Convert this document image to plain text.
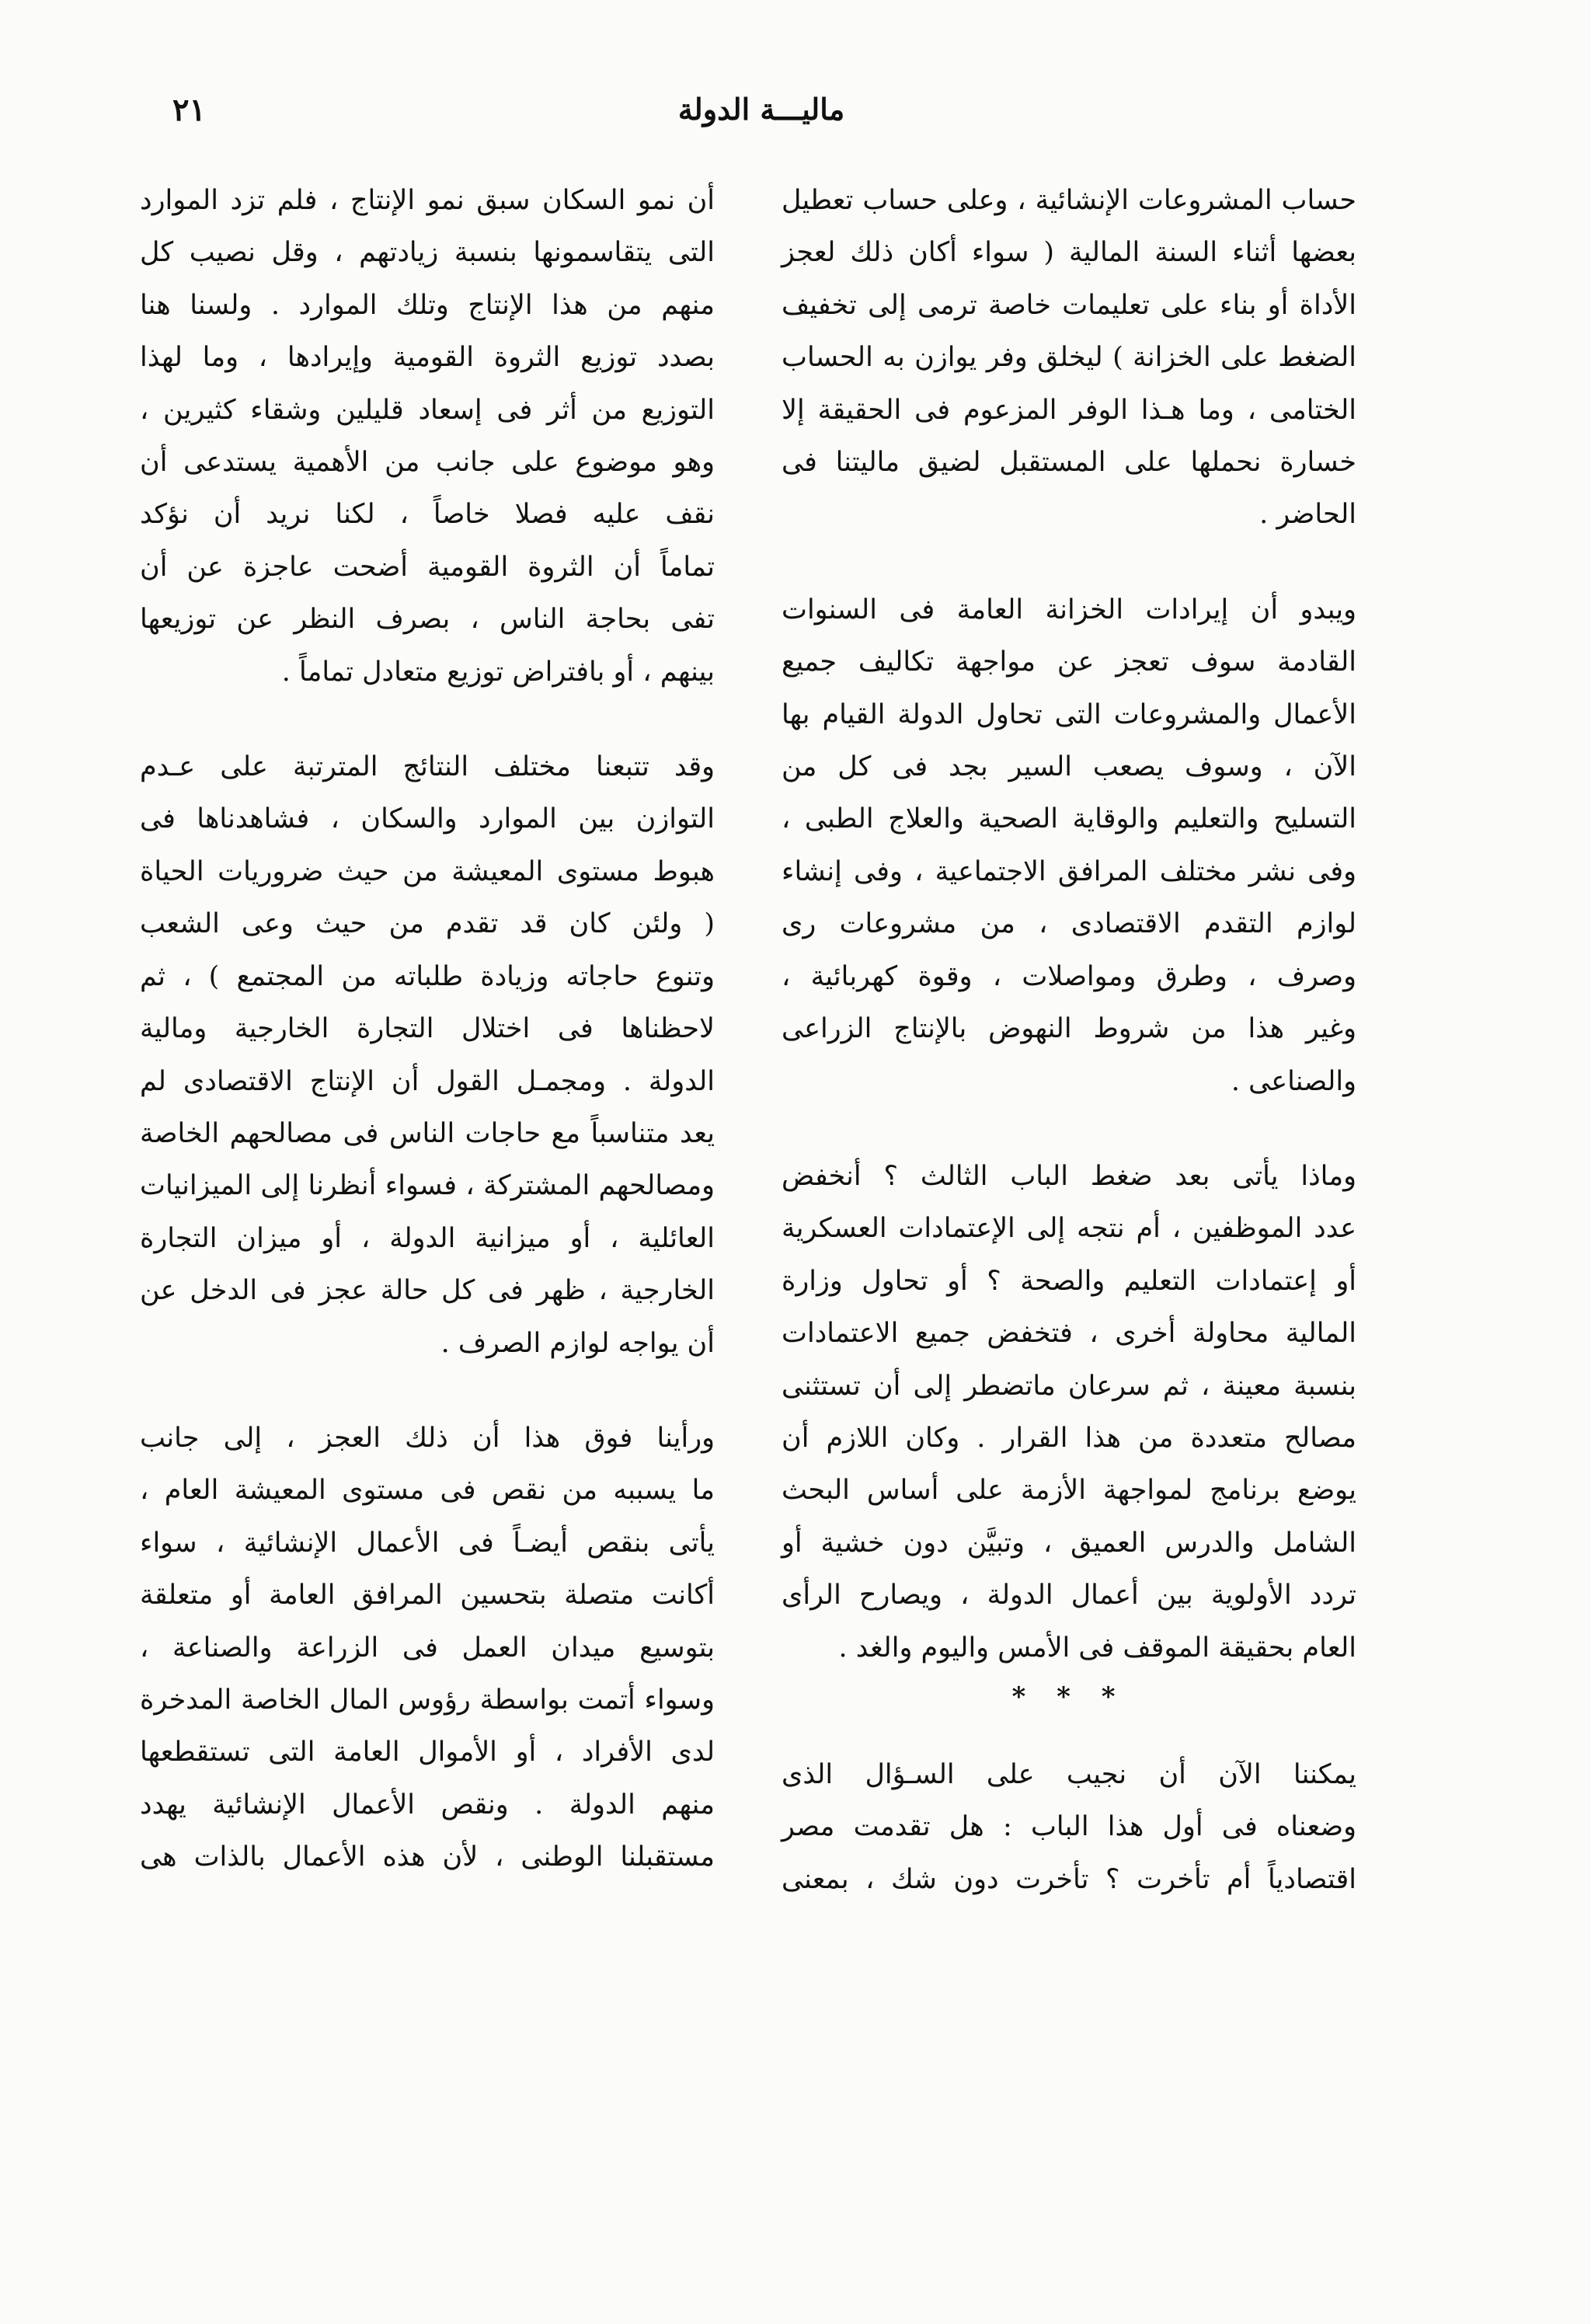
ماليـــة الدولة
٢١
حساب المشروعات الإنشائية ، وعلى حساب تعطيل
بعضها أثناء السنة المالية ( سواء أكان ذلك لعجز
الأداة أو بناء على تعليمات خاصة ترمى إلى تخفيف
الضغط على الخزانة ) ليخلق وفر يوازن به الحساب
الختامى ، وما هـذا الوفر المزعوم فى الحقيقة إلا
خسارة نحملها على المستقبل لضيق ماليتنا فى
الحاضر .
ويبدو أن إيرادات الخزانة العامة فى السنوات
القادمة سوف تعجز عن مواجهة تكاليف جميع
الأعمال والمشروعات التى تحاول الدولة القيام بها
الآن ، وسوف يصعب السير بجد فى كل من
التسليح والتعليم والوقاية الصحية والعلاج الطبى ،
وفى نشر مختلف المرافق الاجتماعية ، وفى إنشاء
لوازم التقدم الاقتصادى ، من مشروعات رى
وصرف ، وطرق ومواصلات ، وقوة كهربائية ،
وغير هذا من شروط النهوض بالإنتاج الزراعى
والصناعى .
وماذا يأتى بعد ضغط الباب الثالث ؟ أنخفض
عدد الموظفين ، أم نتجه إلى الإعتمادات العسكرية
أو إعتمادات التعليم والصحة ؟ أو تحاول وزارة
المالية محاولة أخرى ، فتخفض جميع الاعتمادات
بنسبة معينة ، ثم سرعان ماتضطر إلى أن تستثنى
مصالح متعددة من هذا القرار . وكان اللازم أن
يوضع برنامج لمواجهة الأزمة على أساس البحث
الشامل والدرس العميق ، وتبيَّن دون خشية أو
تردد الأولوية بين أعمال الدولة ، ويصارح الرأى
العام بحقيقة الموقف فى الأمس واليوم والغد .
* * *
يمكننا الآن أن نجيب على السـؤال الذى
وضعناه فى أول هذا الباب : هل تقدمت مصر
اقتصادياً أم تأخرت ؟ تأخرت دون شك ، بمعنى
أن نمو السكان سبق نمو الإنتاج ، فلم تزد الموارد
التى يتقاسمونها بنسبة زيادتهم ، وقل نصيب كل
منهم من هذا الإنتاج وتلك الموارد . ولسنا هنا
بصدد توزيع الثروة القومية وإيرادها ، وما لهذا
التوزيع من أثر فى إسعاد قليلين وشقاء كثيرين ،
وهو موضوع على جانب من الأهمية يستدعى أن
نقف عليه فصلا خاصاً ، لكنا نريد أن نؤكد
تماماً أن الثروة القومية أضحت عاجزة عن أن
تفى بحاجة الناس ، بصرف النظر عن توزيعها
بينهم ، أو بافتراض توزيع متعادل تماماً .
وقد تتبعنا مختلف النتائج المترتبة على عـدم
التوازن بين الموارد والسكان ، فشاهدناها فى
هبوط مستوى المعيشة من حيث ضروريات الحياة
( ولئن كان قد تقدم من حيث وعى الشعب
وتنوع حاجاته وزيادة طلباته من المجتمع ) ، ثم
لاحظناها فى اختلال التجارة الخارجية ومالية
الدولة . ومجمـل القول أن الإنتاج الاقتصادى لم
يعد متناسباً مع حاجات الناس فى مصالحهم الخاصة
ومصالحهم المشتركة ، فسواء أنظرنا إلى الميزانيات
العائلية ، أو ميزانية الدولة ، أو ميزان التجارة
الخارجية ، ظهر فى كل حالة عجز فى الدخل عن
أن يواجه لوازم الصرف .
ورأينا فوق هذا أن ذلك العجز ، إلى جانب
ما يسببه من نقص فى مستوى المعيشة العام ،
يأتى بنقص أيضـاً فى الأعمال الإنشائية ، سواء
أكانت متصلة بتحسين المرافق العامة أو متعلقة
بتوسيع ميدان العمل فى الزراعة والصناعة ،
وسواء أتمت بواسطة رؤوس المال الخاصة المدخرة
لدى الأفراد ، أو الأموال العامة التى تستقطعها
منهم الدولة . ونقص الأعمال الإنشائية يهدد
مستقبلنا الوطنى ، لأن هذه الأعمال بالذات هى
